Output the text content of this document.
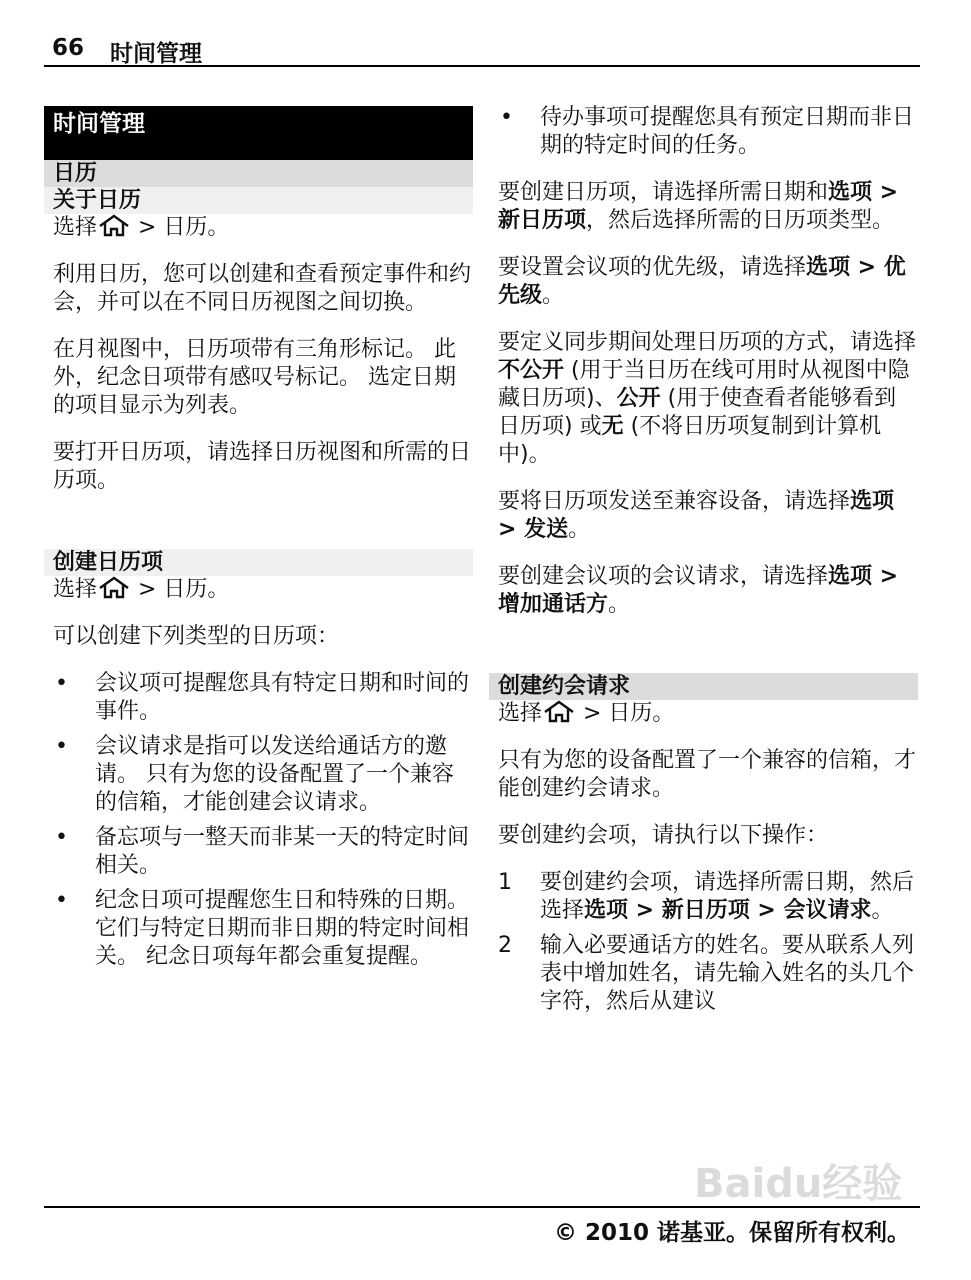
66 时间管理
时间管理
日历
关于日历

选择 > 日历。

利用日历，您可以创建和查看预定事件和约会，并可以在不同日历视图之间切换。

在月视图中，日历项带有三角形标记。 此外，纪念日项带有感叹号标记。 选定日期的项目显示为列表。

要打开日历项，请选择日历视图和所需的日历项。

创建日历项

选择 > 日历。

可以创建下列类型的日历项：

• 会议项可提醒您具有特定日期和时间的事件。
• 会议请求是指可以发送给通话方的邀请。 只有为您的设备配置了一个兼容的信箱，才能创建会议请求。
• 备忘项与一整天而非某一天的特定时间相关。
• 纪念日项可提醒您生日和特殊的日期。 它们与特定日期而非日期的特定时间相关。 纪念日项每年都会重复提醒。
• 待办事项可提醒您具有预定日期而非日期的特定时间的任务。

要创建日历项，请选择所需日期和选项 > 新日历项，然后选择所需的日历项类型。

要设置会议项的优先级，请选择选项 > 优先级。

要定义同步期间处理日历项的方式，请选择不公开 (用于当日历在线可用时从视图中隐藏日历项)、公开 (用于使查看者能够看到日历项) 或无 (不将日历项复制到计算机中)。

要将日历项发送至兼容设备，请选择选项 > 发送。

要创建会议项的会议请求，请选择选项 > 增加通话方。

创建约会请求

选择 > 日历。

只有为您的设备配置了一个兼容的信箱，才能创建约会请求。

要创建约会项，请执行以下操作：

1 要创建约会项，请选择所需日期，然后选择选项 > 新日历项 > 会议请求。
2 输入必要通话方的姓名。要从联系人列表中增加姓名，请先输入姓名的头几个字符，然后从建议
Baidu经验
© 2010 诺基亚。保留所有权利。
